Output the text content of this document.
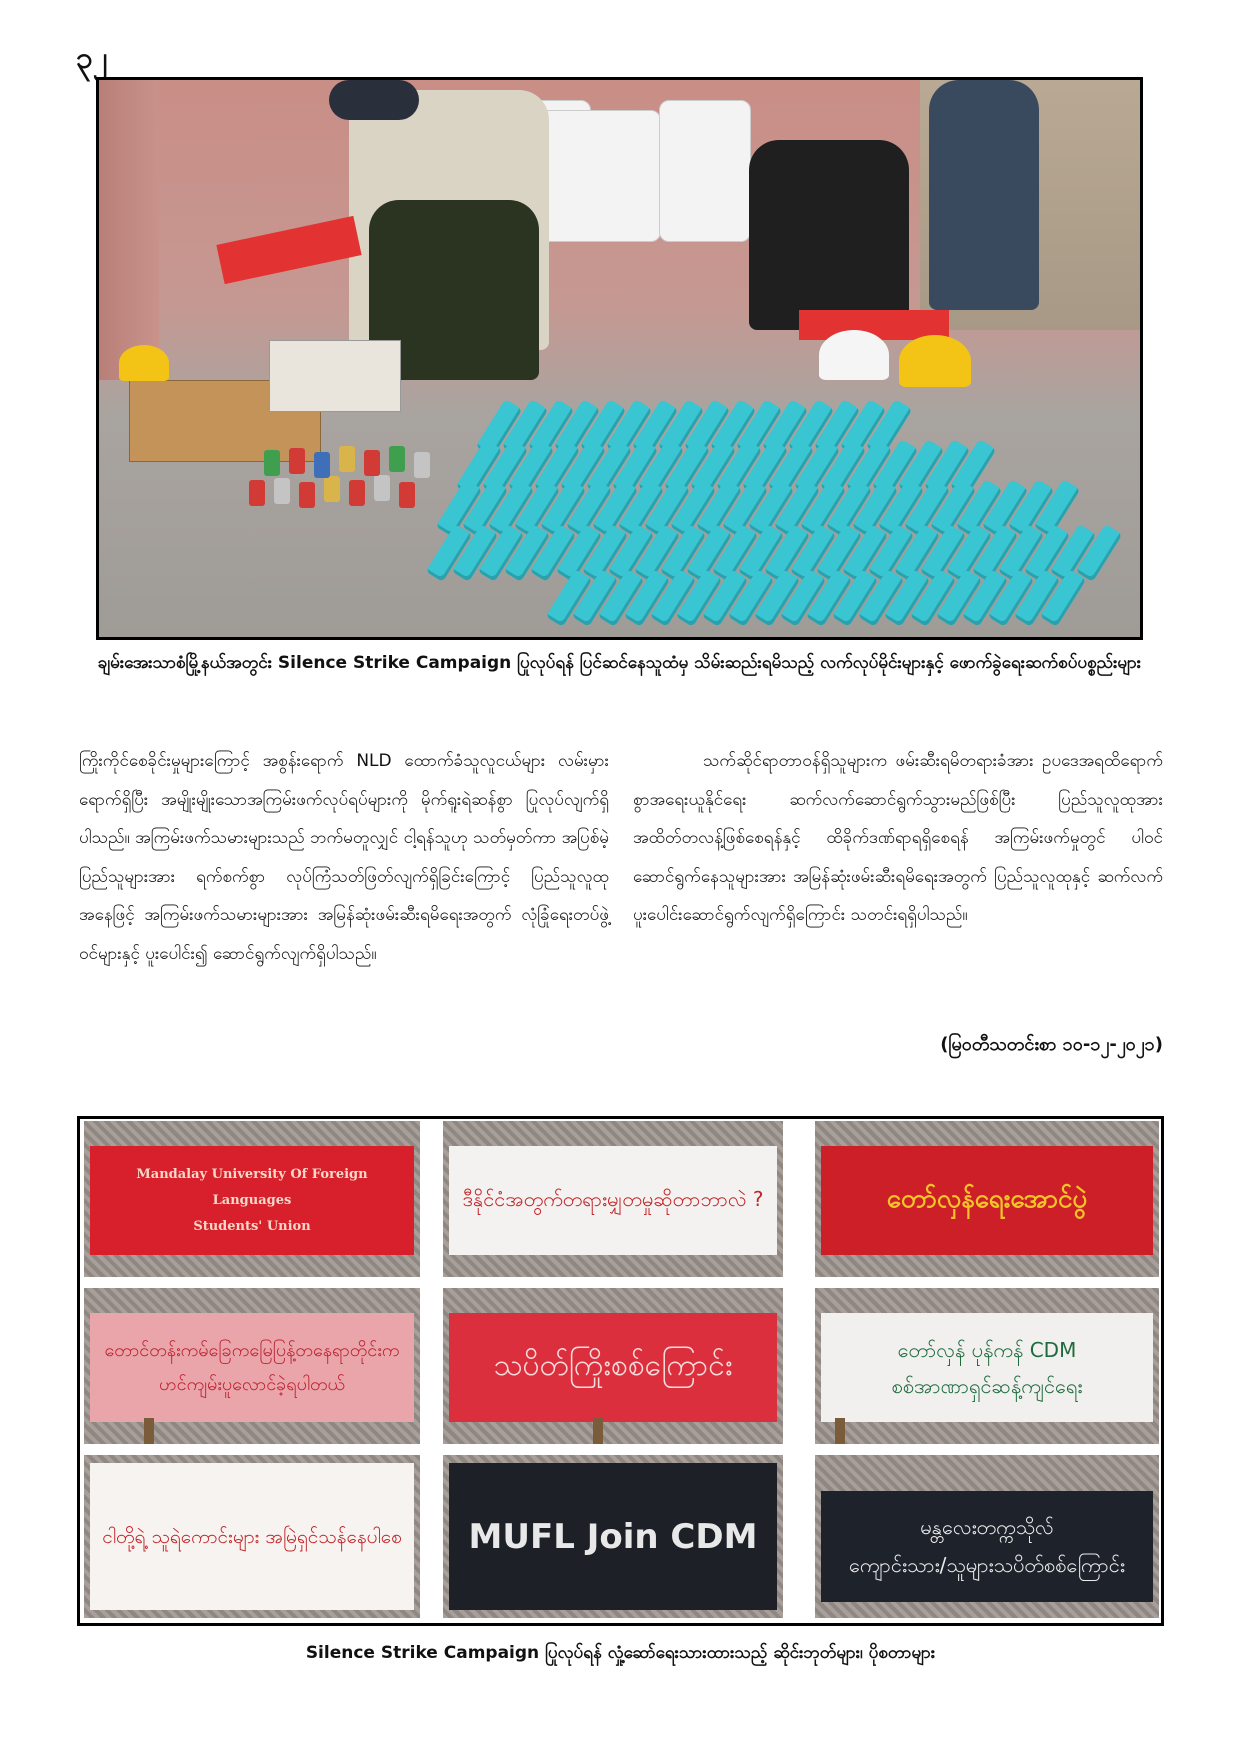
၃၂

ချမ်းအေးသာစံမြို့နယ်အတွင်း Silence Strike Campaign ပြုလုပ်ရန် ပြင်ဆင်နေသူထံမှ သိမ်းဆည်းရမိသည့် လက်လုပ်မိုင်းများနှင့် ဖောက်ခွဲရေးဆက်စပ်ပစ္စည်းများ

ကြိုးကိုင်စေခိုင်းမှုများကြောင့် အစွန်းရောက် NLD ထောက်ခံသူလူငယ်များ လမ်းမှားရောက်ရှိပြီး အမျိုးမျိုးသောအကြမ်းဖက်လုပ်ရပ်များကို မိုက်ရူးရဲဆန်စွာ ပြုလုပ်လျက်ရှိပါသည်။ အကြမ်းဖက်သမားများသည် ဘက်မတူလျှင် ငါ့ရန်သူဟု သတ်မှတ်ကာ အပြစ်မဲ့ပြည်သူများအား ရက်စက်စွာ လုပ်ကြံသတ်ဖြတ်လျက်ရှိခြင်းကြောင့် ပြည်သူလူထုအနေဖြင့် အကြမ်းဖက်သမားများအား အမြန်ဆုံးဖမ်းဆီးရမိရေးအတွက် လုံခြုံရေးတပ်ဖွဲ့ဝင်များနှင့် ပူးပေါင်း၍ ဆောင်ရွက်လျက်ရှိပါသည်။

သက်ဆိုင်ရာတာဝန်ရှိသူများက ဖမ်းဆီးရမိတရားခံအား ဥပဒေအရထိရောက်စွာအရေးယူနိုင်ရေး ဆက်လက်ဆောင်ရွက်သွားမည်ဖြစ်ပြီး ပြည်သူလူထုအား အထိတ်တလန့်ဖြစ်စေရန်နှင့် ထိခိုက်ဒဏ်ရာရရှိစေရန် အကြမ်းဖက်မှုတွင် ပါဝင်ဆောင်ရွက်နေသူများအား အမြန်ဆုံးဖမ်းဆီးရမိရေးအတွက် ပြည်သူလူထုနှင့် ဆက်လက်ပူးပေါင်းဆောင်ရွက်လျက်ရှိကြောင်း သတင်းရရှိပါသည်။

(မြဝတီသတင်းစာ ၁၀-၁၂-၂၀၂၁)

Mandalay University Of Foreign Languages
Students' Union
ဒီနိုင်ငံအတွက်တရားမျှတမှုဆိုတာဘာလဲ ?	တော်လှန်ရေးအောင်ပွဲ
တောင်တန်းကမ်ခြေကမြေပြန့်တနေရာတိုင်းက ဟင်ကျမ်းပူလောင်ခဲ့ရပါတယ်
သပိတ်ကြိုးစစ်ကြောင်း	တော်လှန် ပုန်ကန် CDM
စစ်အာဏာရှင်ဆန့်ကျင်ရေး
ငါတို့ရဲ့ သူရဲကောင်းများ အမြဲရှင်သန်နေပါစေ	MUFL Join CDM	မန္တလေးတက္ကသိုလ်
ကျောင်းသား/သူများသပိတ်စစ်ကြောင်း

Silence Strike Campaign ပြုလုပ်ရန် လှုံ့ဆော်ရေးသားထားသည့် ဆိုင်းဘုတ်များ၊ ပိုစတာများ
